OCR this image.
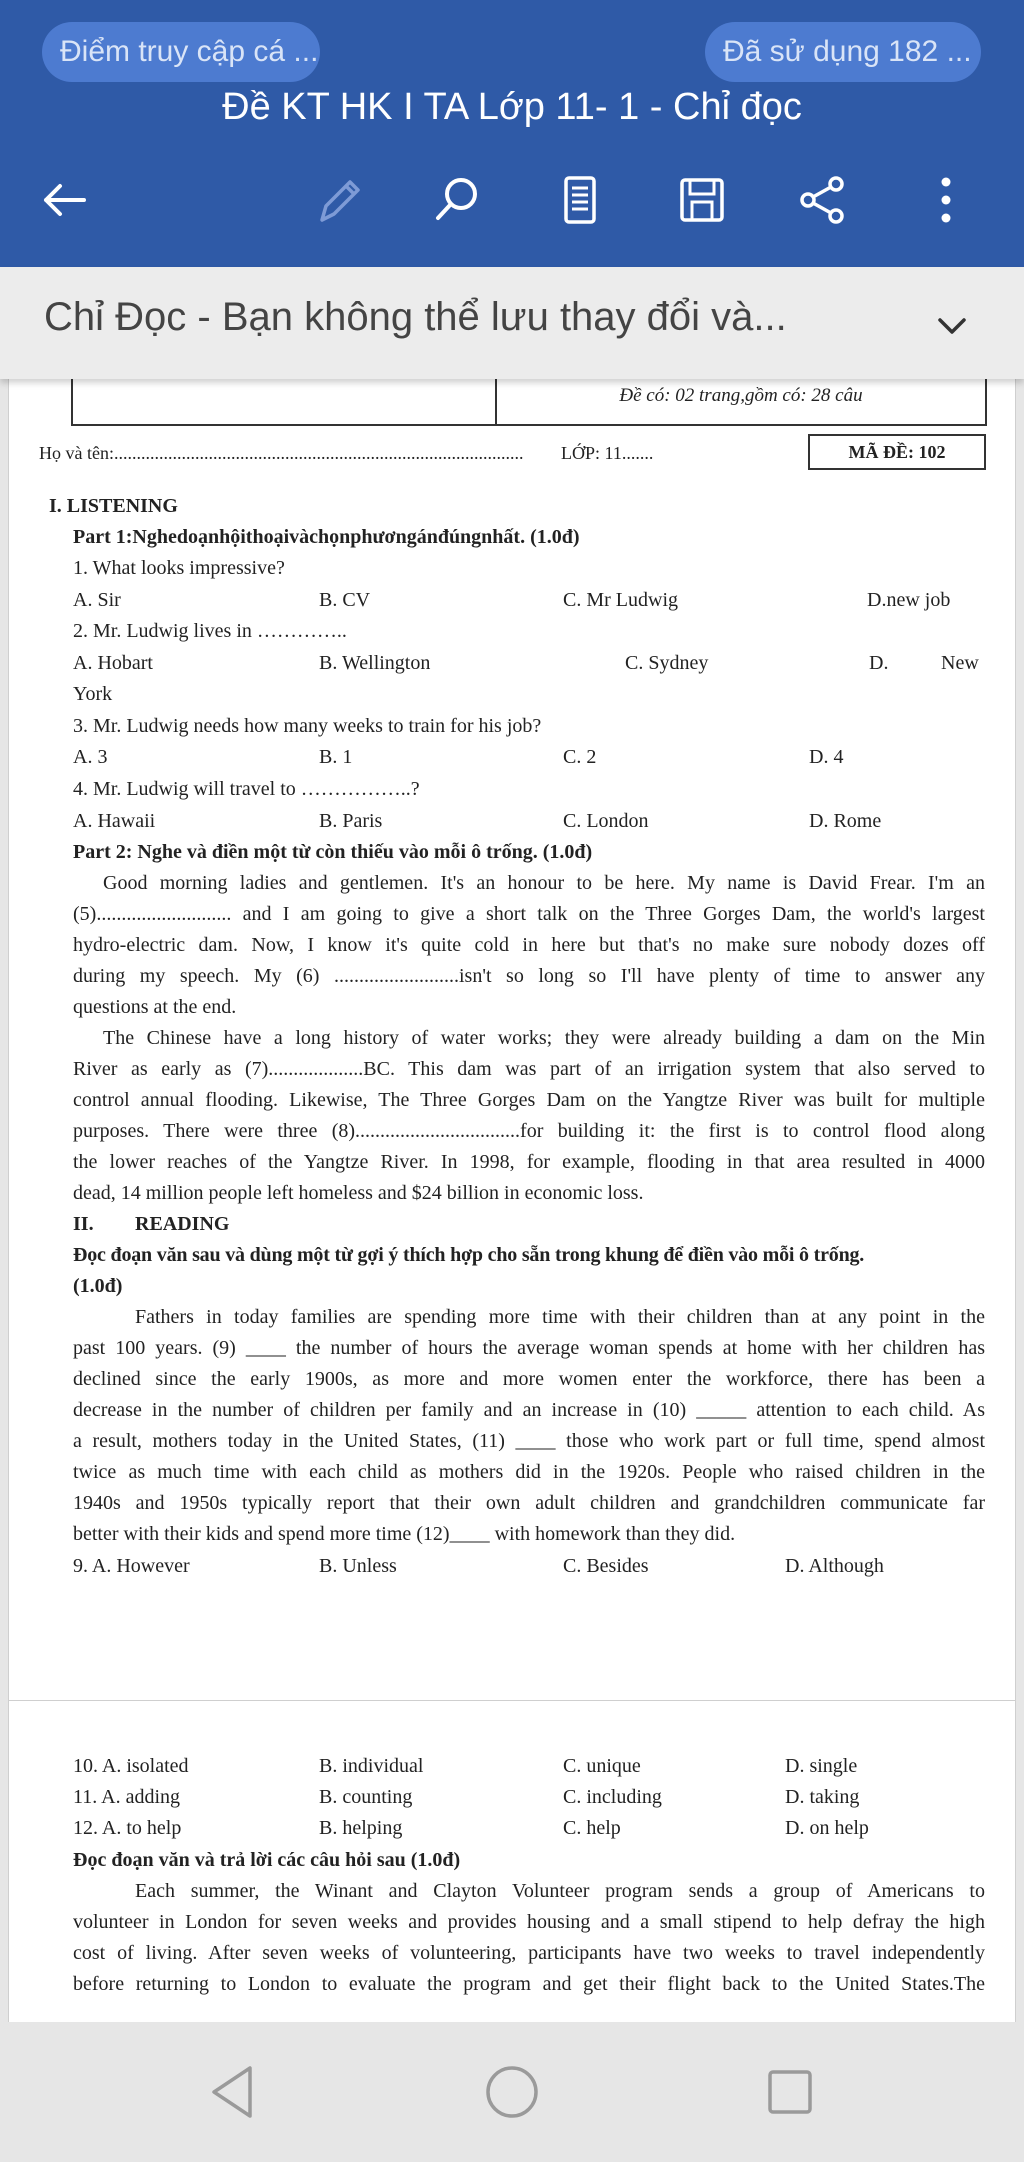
Điểm truy cập cá ...	Đã sử dụng 182 ...
Đề KT HK I TA Lớp 11- 1 - Chỉ đọc
Đề có: 02 trang,gồm có: 28 câu
Họ và tên:........................................................................................... LỚP: 11.......	MÃ ĐỀ: 102
I. LISTENING
Part 1:Nghedoạnhộithoạivàchọnphươngánđúngnhất. (1.0đ)
1. What looks impressive?
A. Sir	B. CV	C. Mr Ludwig	D.new job
2. Mr. Ludwig lives in …………..
A. Hobart	B. Wellington	C. Sydney	D.	New
York
3. Mr. Ludwig needs how many weeks to train for his job?
A. 3	B. 1	C. 2	D. 4
4. Mr. Ludwig will travel to ……………..?
A. Hawaii	B. Paris	C. London	D. Rome
Part 2: Nghe và điền một từ còn thiếu vào mỗi ô trống. (1.0đ)
Good morning ladies and gentlemen. It's an honour to be here. My name is David Frear. I'm an
(5)........................... and I am going to give a short talk on the Three Gorges Dam, the world's largest
hydro-electric dam. Now, I know it's quite cold in here but that's no make sure nobody dozes off
during my speech. My (6) .........................isn't so long so I'll have plenty of time to answer any
questions at the end.
The Chinese have a long history of water works; they were already building a dam on the Min
River as early as (7)...................BC. This dam was part of an irrigation system that also served to
control annual flooding. Likewise, The Three Gorges Dam on the Yangtze River was built for multiple
purposes. There were three (8).................................for building it: the first is to control flood along
the lower reaches of the Yangtze River. In 1998, for example, flooding in that area resulted in 4000
dead, 14 million people left homeless and $24 billion in economic loss.
II. READING
Đọc đoạn văn sau và dùng một từ gợi ý thích hợp cho sẵn trong khung để điền vào mỗi ô trống.
(1.0đ)
Fathers in today families are spending more time with their children than at any point in the
past 100 years. (9) ____ the number of hours the average woman spends at home with her children has
declined since the early 1900s, as more and more women enter the workforce, there has been a
decrease in the number of children per family and an increase in (10) _____ attention to each child. As
a result, mothers today in the United States, (11) ____ those who work part or full time, spend almost
twice as much time with each child as mothers did in the 1920s. People who raised children in the
1940s and 1950s typically report that their own adult children and grandchildren communicate far
better with their kids and spend more time (12)____ with homework than they did.
9. A. However	B. Unless	C. Besides	D. Although
10. A. isolated	B. individual	C. unique	D. single
11. A. adding	B. counting	C. including	D. taking
12. A. to help	B. helping	C. help	D. on help
Đọc đoạn văn và trả lời các câu hỏi sau (1.0đ)
Each summer, the Winant and Clayton Volunteer program sends a group of Americans to
volunteer in London for seven weeks and provides housing and a small stipend to help defray the high
cost of living. After seven weeks of volunteering, participants have two weeks to travel independently
before returning to London to evaluate the program and get their flight back to the United States.The
Chỉ Đọc - Bạn không thể lưu thay đổi và...
